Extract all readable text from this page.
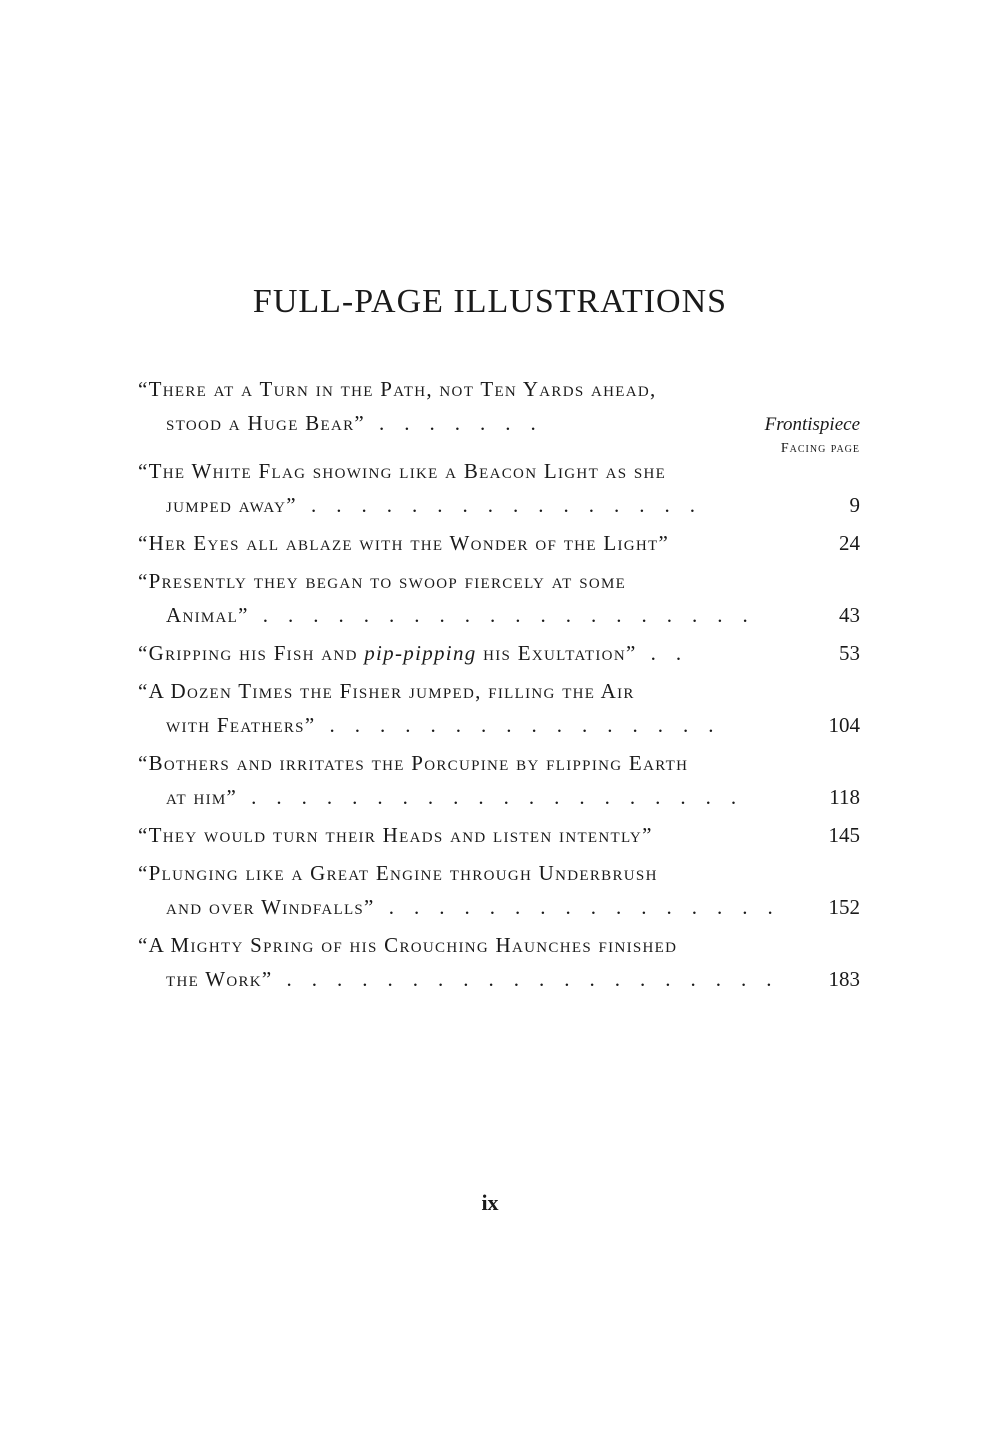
FULL-PAGE ILLUSTRATIONS
“There at a Turn in the Path, not Ten Yards ahead,
stood a Huge Bear” .......	Frontispiece
Facing page
“The White Flag showing like a Beacon Light as she
jumped away” ................	9
“Her Eyes all ablaze with the Wonder of the Light”	24
“Presently they began to swoop fiercely at some
Animal” ....................	43
“Gripping his Fish and pip-pipping his Exultation” ..	53
“A Dozen Times the Fisher jumped, filling the Air
with Feathers” ................	104
“Bothers and irritates the Porcupine by flipping Earth
at him” ....................	118
“They would turn their Heads and listen intently”	145
“Plunging like a Great Engine through Underbrush
and over Windfalls” ................	152
“A Mighty Spring of his Crouching Haunches finished
the Work” ....................	183
ix
